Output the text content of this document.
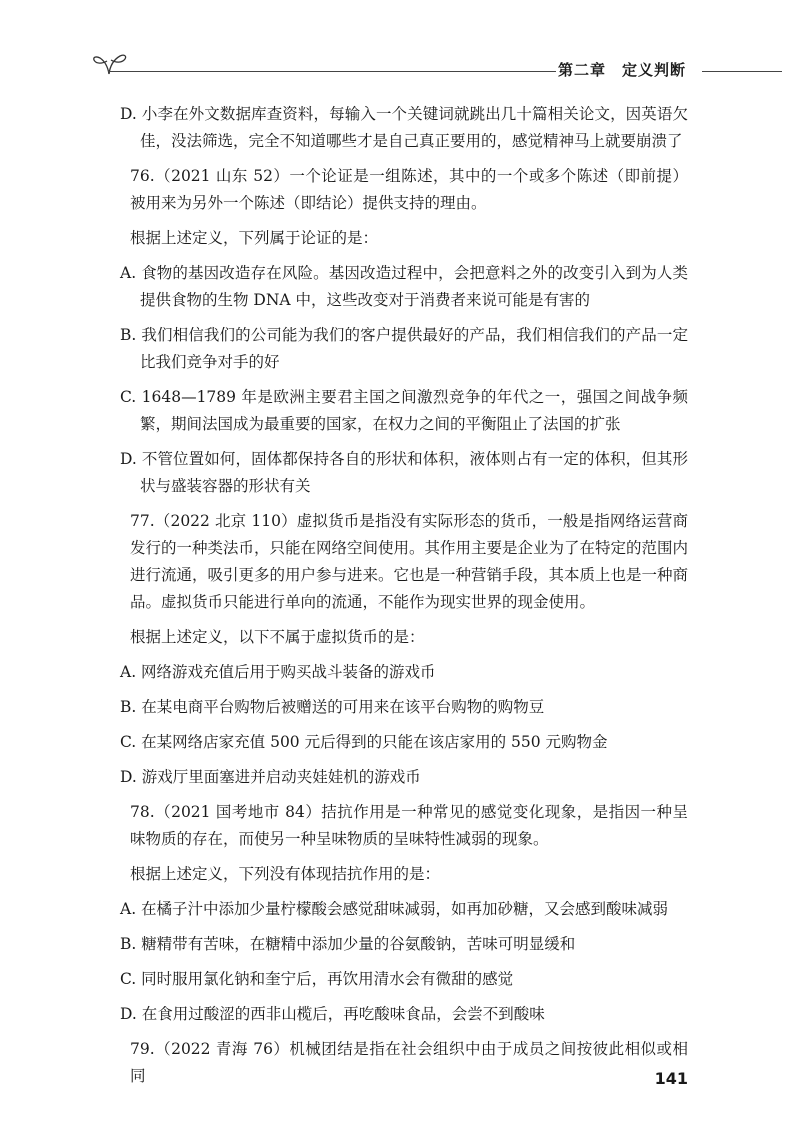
第二章 定义判断

D. 小李在外文数据库查资料，每输入一个关键词就跳出几十篇相关论文，因英语欠佳，没法筛选，完全不知道哪些才是自己真正要用的，感觉精神马上就要崩溃了

76.（2021 山东 52）一个论证是一组陈述，其中的一个或多个陈述（即前提）被用来为另外一个陈述（即结论）提供支持的理由。

根据上述定义，下列属于论证的是：

A. 食物的基因改造存在风险。基因改造过程中，会把意料之外的改变引入到为人类提供食物的生物 DNA 中，这些改变对于消费者来说可能是有害的

B. 我们相信我们的公司能为我们的客户提供最好的产品，我们相信我们的产品一定比我们竞争对手的好

C. 1648—1789 年是欧洲主要君主国之间激烈竞争的年代之一，强国之间战争频繁，期间法国成为最重要的国家，在权力之间的平衡阻止了法国的扩张

D. 不管位置如何，固体都保持各自的形状和体积，液体则占有一定的体积，但其形状与盛装容器的形状有关

77.（2022 北京 110）虚拟货币是指没有实际形态的货币，一般是指网络运营商发行的一种类法币，只能在网络空间使用。其作用主要是企业为了在特定的范围内进行流通，吸引更多的用户参与进来。它也是一种营销手段，其本质上也是一种商品。虚拟货币只能进行单向的流通，不能作为现实世界的现金使用。

根据上述定义，以下不属于虚拟货币的是：

A. 网络游戏充值后用于购买战斗装备的游戏币

B. 在某电商平台购物后被赠送的可用来在该平台购物的购物豆

C. 在某网络店家充值 500 元后得到的只能在该店家用的 550 元购物金

D. 游戏厅里面塞进并启动夹娃娃机的游戏币

78.（2021 国考地市 84）拮抗作用是一种常见的感觉变化现象，是指因一种呈味物质的存在，而使另一种呈味物质的呈味特性减弱的现象。

根据上述定义，下列没有体现拮抗作用的是：

A. 在橘子汁中添加少量柠檬酸会感觉甜味减弱，如再加砂糖，又会感到酸味减弱

B. 糖精带有苦味，在糖精中添加少量的谷氨酸钠，苦味可明显缓和

C. 同时服用氯化钠和奎宁后，再饮用清水会有微甜的感觉

D. 在食用过酸涩的西非山榄后，再吃酸味食品，会尝不到酸味

79.（2022 青海 76）机械团结是指在社会组织中由于成员之间按彼此相似或相同	141
